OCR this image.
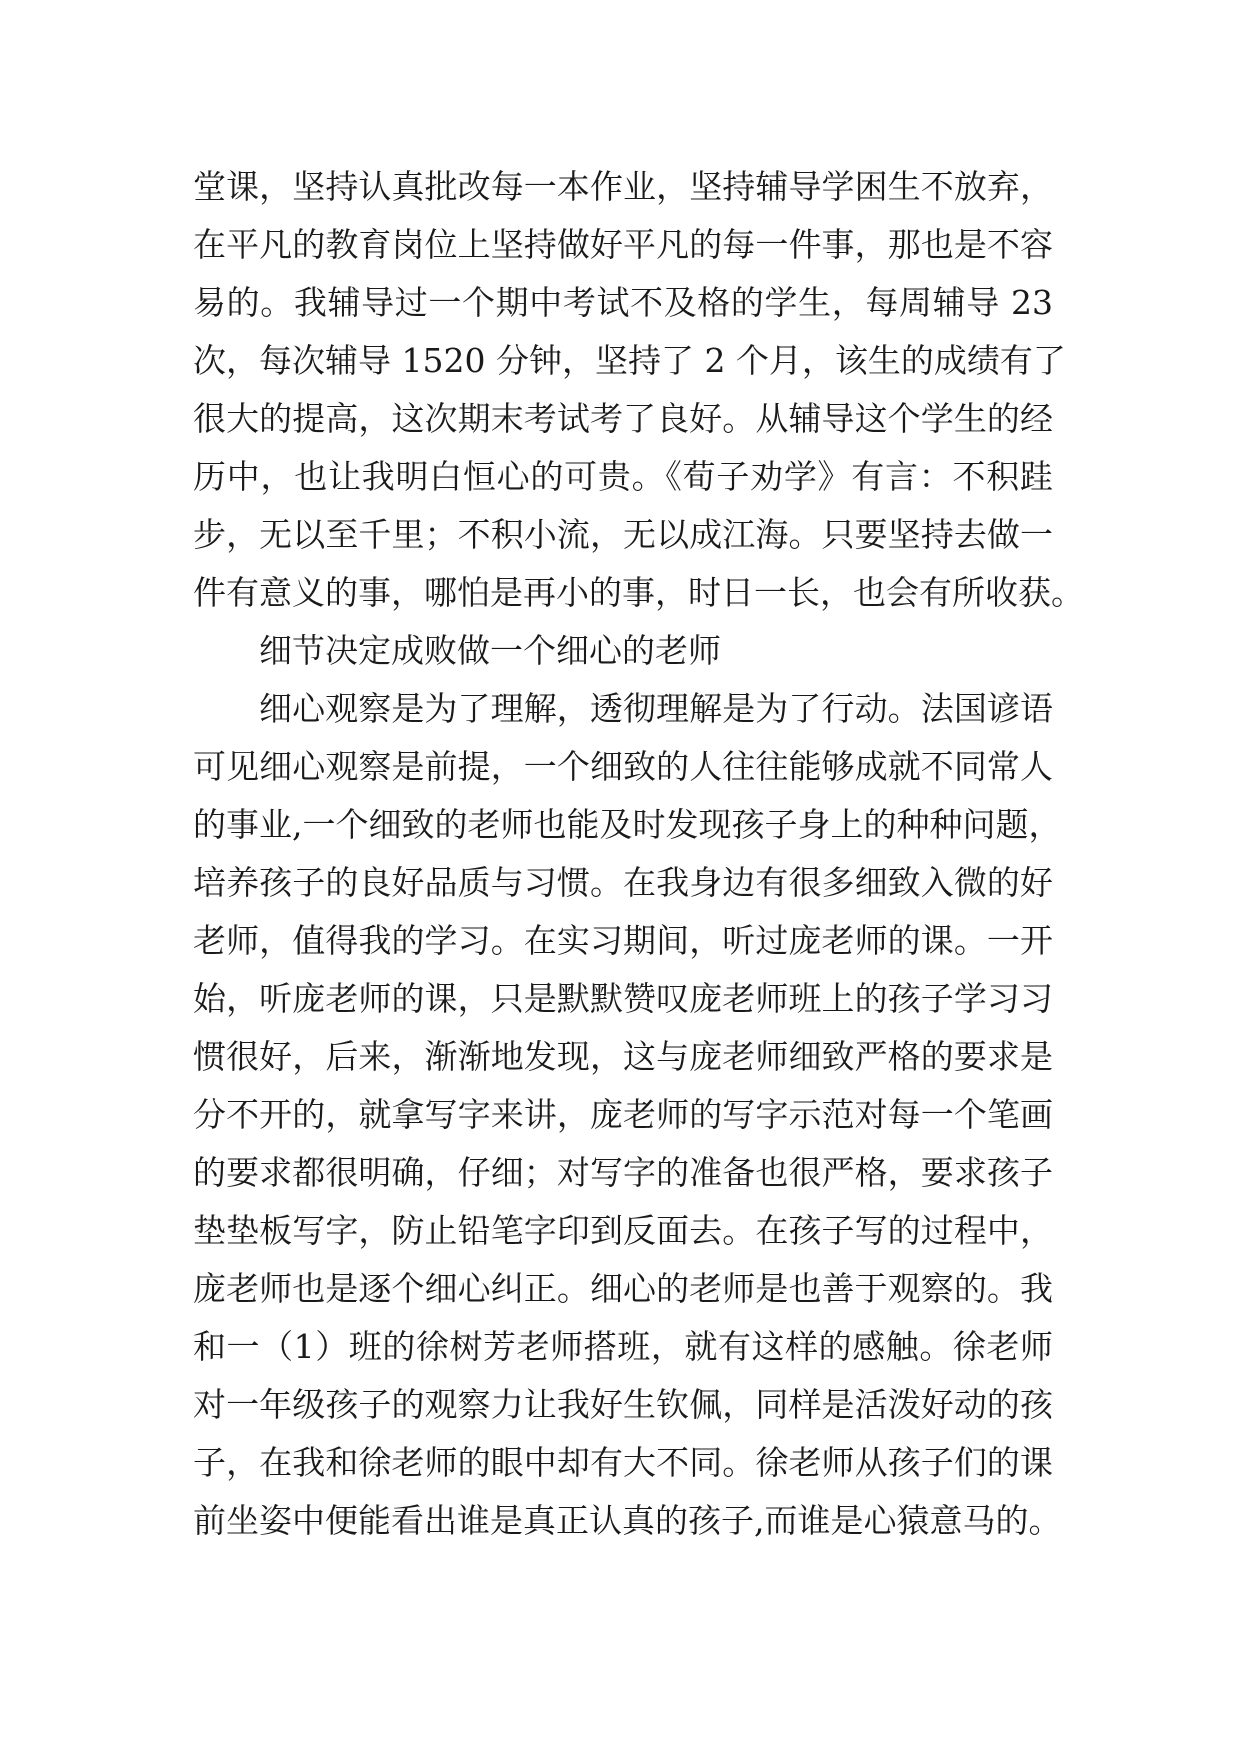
堂课，坚持认真批改每一本作业，坚持辅导学困生不放弃，
在平凡的教育岗位上坚持做好平凡的每一件事，那也是不容
易的。我辅导过一个期中考试不及格的学生，每周辅导 23
次，每次辅导 1520 分钟，坚持了 2 个月，该生的成绩有了
很大的提高，这次期末考试考了良好。从辅导这个学生的经
历中，也让我明白恒心的可贵。《荀子劝学》有言：不积跬
步，无以至千里；不积小流，无以成江海。只要坚持去做一
件有意义的事，哪怕是再小的事，时日一长，也会有所收获。
细节决定成败做一个细心的老师
细心观察是为了理解，透彻理解是为了行动。法国谚语
可见细心观察是前提，一个细致的人往往能够成就不同常人
的事业,一个细致的老师也能及时发现孩子身上的种种问题，
培养孩子的良好品质与习惯。在我身边有很多细致入微的好
老师，值得我的学习。在实习期间，听过庞老师的课。一开
始，听庞老师的课，只是默默赞叹庞老师班上的孩子学习习
惯很好，后来，渐渐地发现，这与庞老师细致严格的要求是
分不开的，就拿写字来讲，庞老师的写字示范对每一个笔画
的要求都很明确，仔细；对写字的准备也很严格，要求孩子
垫垫板写字，防止铅笔字印到反面去。在孩子写的过程中，
庞老师也是逐个细心纠正。细心的老师是也善于观察的。我
和一（1）班的徐树芳老师搭班，就有这样的感触。徐老师
对一年级孩子的观察力让我好生钦佩，同样是活泼好动的孩
子，在我和徐老师的眼中却有大不同。徐老师从孩子们的课
前坐姿中便能看出谁是真正认真的孩子,而谁是心猿意马的。
